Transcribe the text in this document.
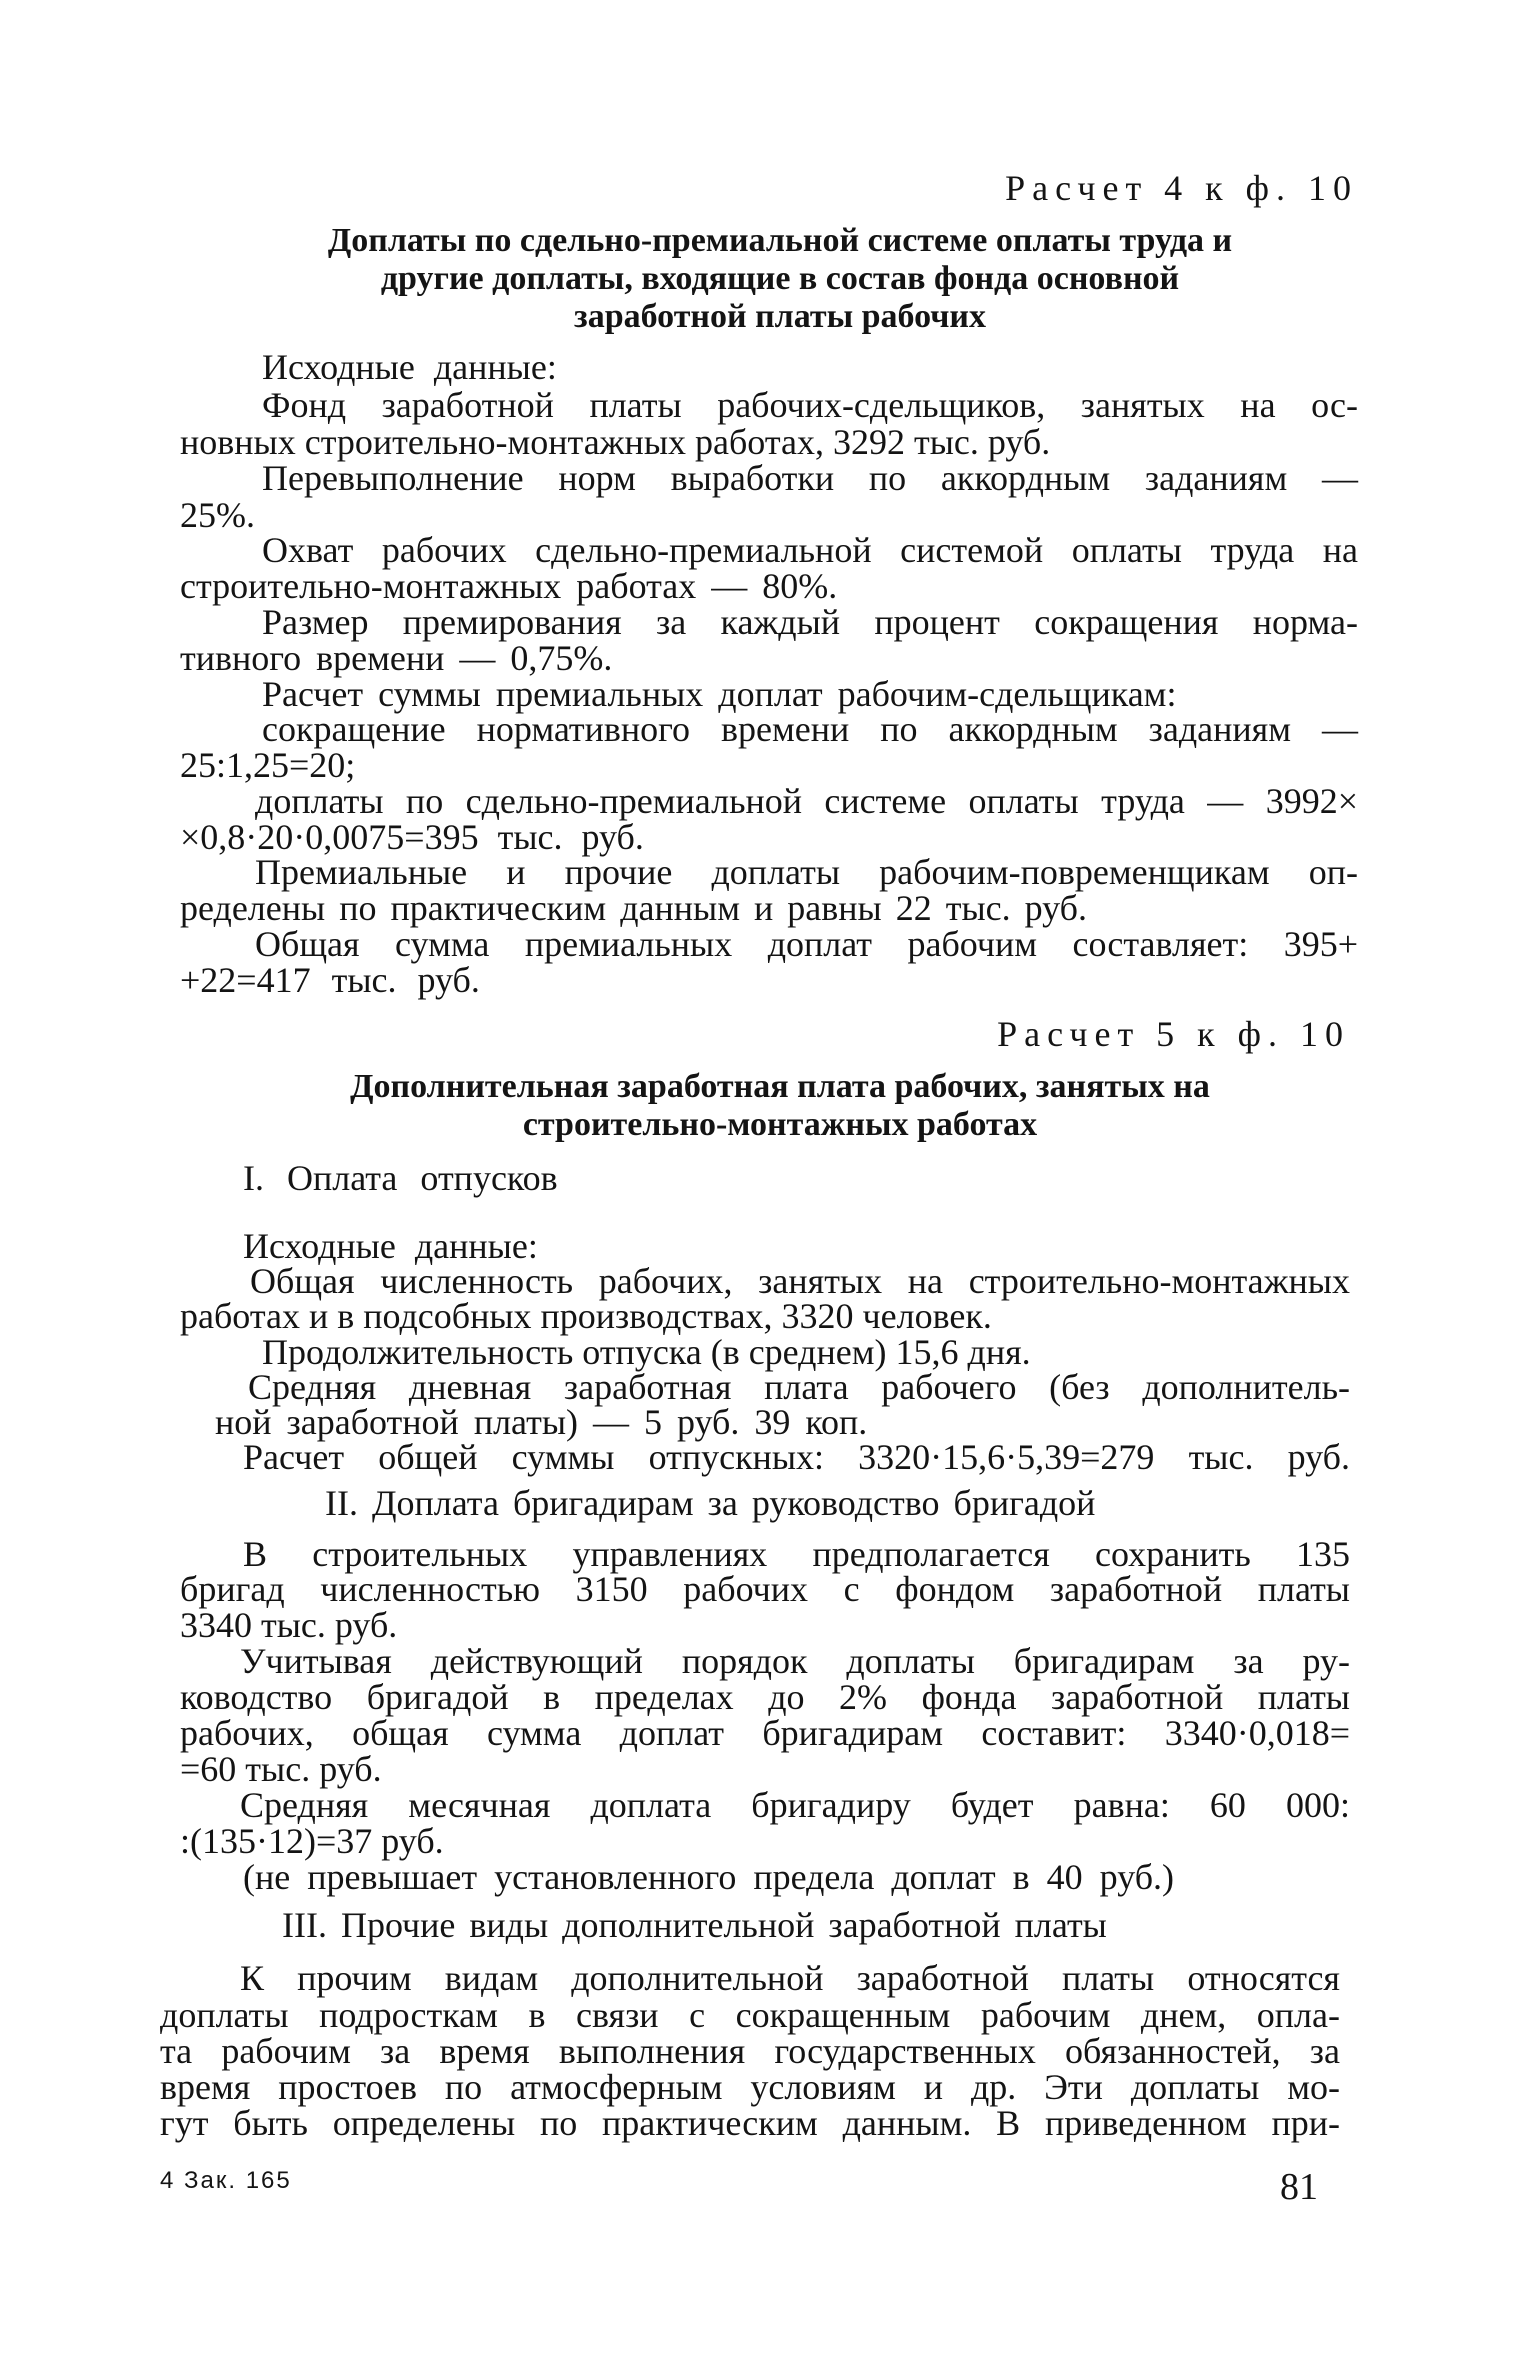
Расчет 4 к ф. 10
Доплаты по сдельно-премиальной системе оплаты труда и другие доплаты, входящие в состав фонда основной заработной платы рабочих
Исходные данные:
Фонд заработной платы рабочих-сдельщиков, занятых на ос-
новных строительно-монтажных работах, 3292 тыс. руб.
Перевыполнение норм выработки по аккордным заданиям —
25%.
Охват рабочих сдельно-премиальной системой оплаты труда на
строительно-монтажных работах — 80%.
Размер премирования за каждый процент сокращения норма-
тивного времени — 0,75%.
Расчет суммы премиальных доплат рабочим-сдельщикам:
сокращение нормативного времени по аккордным заданиям —
25:1,25=20;
доплаты по сдельно-премиальной системе оплаты труда — 3992×
×0,8·20·0,0075=395 тыс. руб.
Премиальные и прочие доплаты рабочим-повременщикам оп-
ределены по практическим данным и равны 22 тыс. руб.
Общая сумма премиальных доплат рабочим составляет: 395+
+22=417 тыс. руб.
Расчет 5 к ф. 10
Дополнительная заработная плата рабочих, занятых на строительно-монтажных работах
I. Оплата отпусков
Исходные данные:
Общая численность рабочих, занятых на строительно-монтажных
работах и в подсобных производствах, 3320 человек.
Продолжительность отпуска (в среднем) 15,6 дня.
Средняя дневная заработная плата рабочего (без дополнитель-
ной заработной платы) — 5 руб. 39 коп.
Расчет общей суммы отпускных: 3320·15,6·5,39=279 тыс. руб.
II. Доплата бригадирам за руководство бригадой
В строительных управлениях предполагается сохранить 135
бригад численностью 3150 рабочих с фондом заработной платы
3340 тыс. руб.
Учитывая действующий порядок доплаты бригадирам за ру-
ководство бригадой в пределах до 2% фонда заработной платы
рабочих, общая сумма доплат бригадирам составит: 3340·0,018=
=60 тыс. руб.
Средняя месячная доплата бригадиру будет равна: 60 000:
:(135·12)=37 руб.
(не превышает установленного предела доплат в 40 руб.)
III. Прочие виды дополнительной заработной платы
К прочим видам дополнительной заработной платы относятся
доплаты подросткам в связи с сокращенным рабочим днем, опла-
та рабочим за время выполнения государственных обязанностей, за
время простоев по атмосферным условиям и др. Эти доплаты мо-
гут быть определены по практическим данным. В приведенном при-
4 Зак. 165	81
